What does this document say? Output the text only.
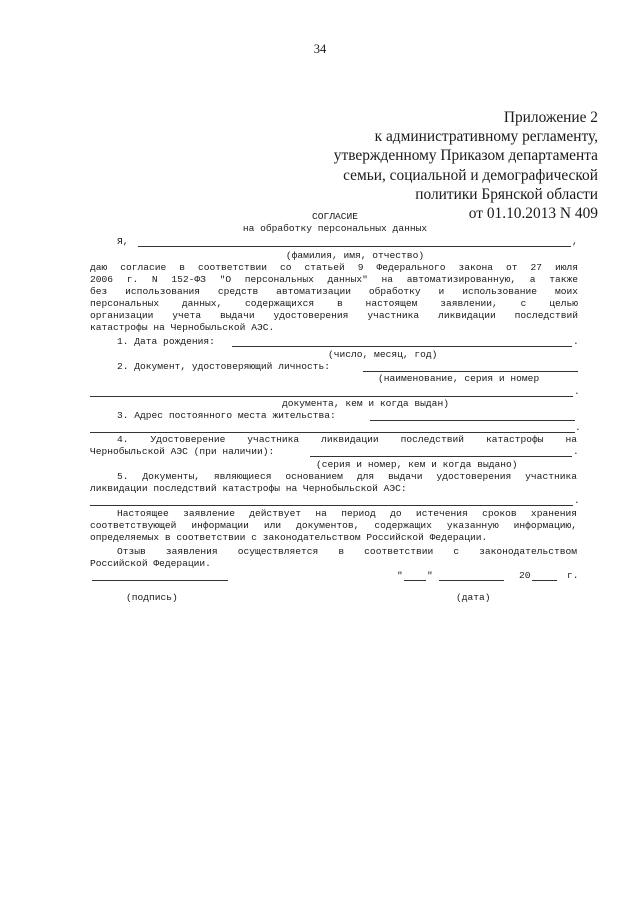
34
Приложение 2
к административному регламенту,
утвержденному Приказом департамента
семьи, социальной и демографической
политики Брянской области
от 01.10.2013 N 409
СОГЛАСИЕ
на обработку персональных данных
Я,	,
(фамилия, имя, отчество)
даю согласие в соответствии со статьей 9 Федерального закона от 27 июля
2006 г. N 152-ФЗ "О персональных данных" на автоматизированную, а также
без использования средств автоматизации обработку и использование моих
персональных данных, содержащихся в настоящем заявлении, с целью
организации учета выдачи удостоверения участника ликвидации последствий
катастрофы на Чернобыльской АЭС.
1. Дата рождения:	.
(число, месяц, год)
2. Документ, удостоверяющий личность:
(наименование, серия и номер
.
документа, кем и когда выдан)
3. Адрес постоянного места жительства:
.
4. Удостоверение участника ликвидации последствий катастрофы на
Чернобыльской АЭС (при наличии):	.
(серия и номер, кем и когда выдано)
5. Документы, являющиеся основанием для выдачи удостоверения участника
ликвидации последствий катастрофы на Чернобыльской АЭС:
.
Настоящее заявление действует на период до истечения сроков хранения
соответствующей информации или документов, содержащих указанную информацию,
определяемых в соответствии с законодательством Российской Федерации.
Отзыв заявления осуществляется в соответствии с законодательством
Российской Федерации.
"	"	20	г.
(подпись)	(дата)
